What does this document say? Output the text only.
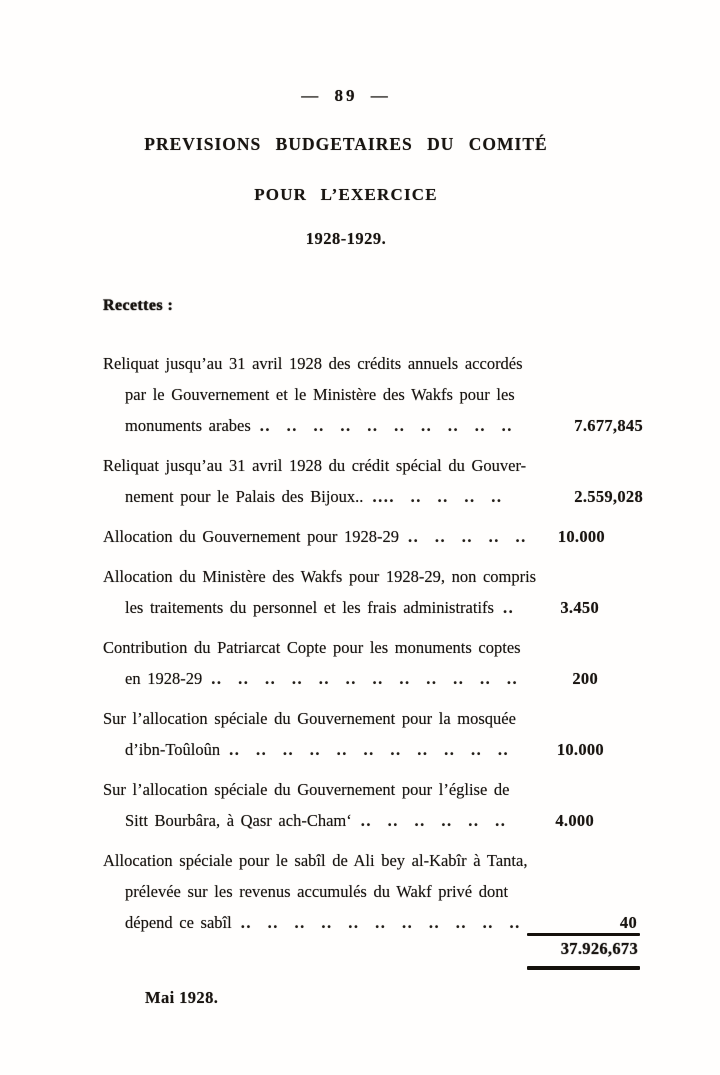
— 89 —
PREVISIONS BUDGETAIRES DU COMITÉ
POUR L’EXERCICE
1928-1929.
Recettes :
Reliquat jusqu’au 31 avril 1928 des crédits annuels accordés
par le Gouvernement et le Ministère des Wakfs pour les
monuments arabes .. .. .. .. .. .. .. .. .. ..	7.677,845
Reliquat jusqu’au 31 avril 1928 du crédit spécial du Gouver-
nement pour le Palais des Bijoux.. .... .. .. .. ..	2.559,028
Allocation du Gouvernement pour 1928-29 .. .. .. .. ..	10.000
Allocation du Ministère des Wakfs pour 1928-29, non compris
les traitements du personnel et les frais administratifs ..	3.450
Contribution du Patriarcat Copte pour les monuments coptes
en 1928-29 .. .. .. .. .. .. .. .. .. .. .. ..	200
Sur l’allocation spéciale du Gouvernement pour la mosquée
d’ibn-Toûloûn .. .. .. .. .. .. .. .. .. .. ..	10.000
Sur l’allocation spéciale du Gouvernement pour l’église de
Sitt Bourbâra, à Qasr ach-Cham‘ .. .. .. .. .. ..	4.000
Allocation spéciale pour le sabîl de Ali bey al-Kabîr à Tanta,
prélevée sur les revenus accumulés du Wakf privé dont
dépend ce sabîl .. .. .. .. .. .. .. .. .. .. ..	40
37.926,673
Mai 1928.
